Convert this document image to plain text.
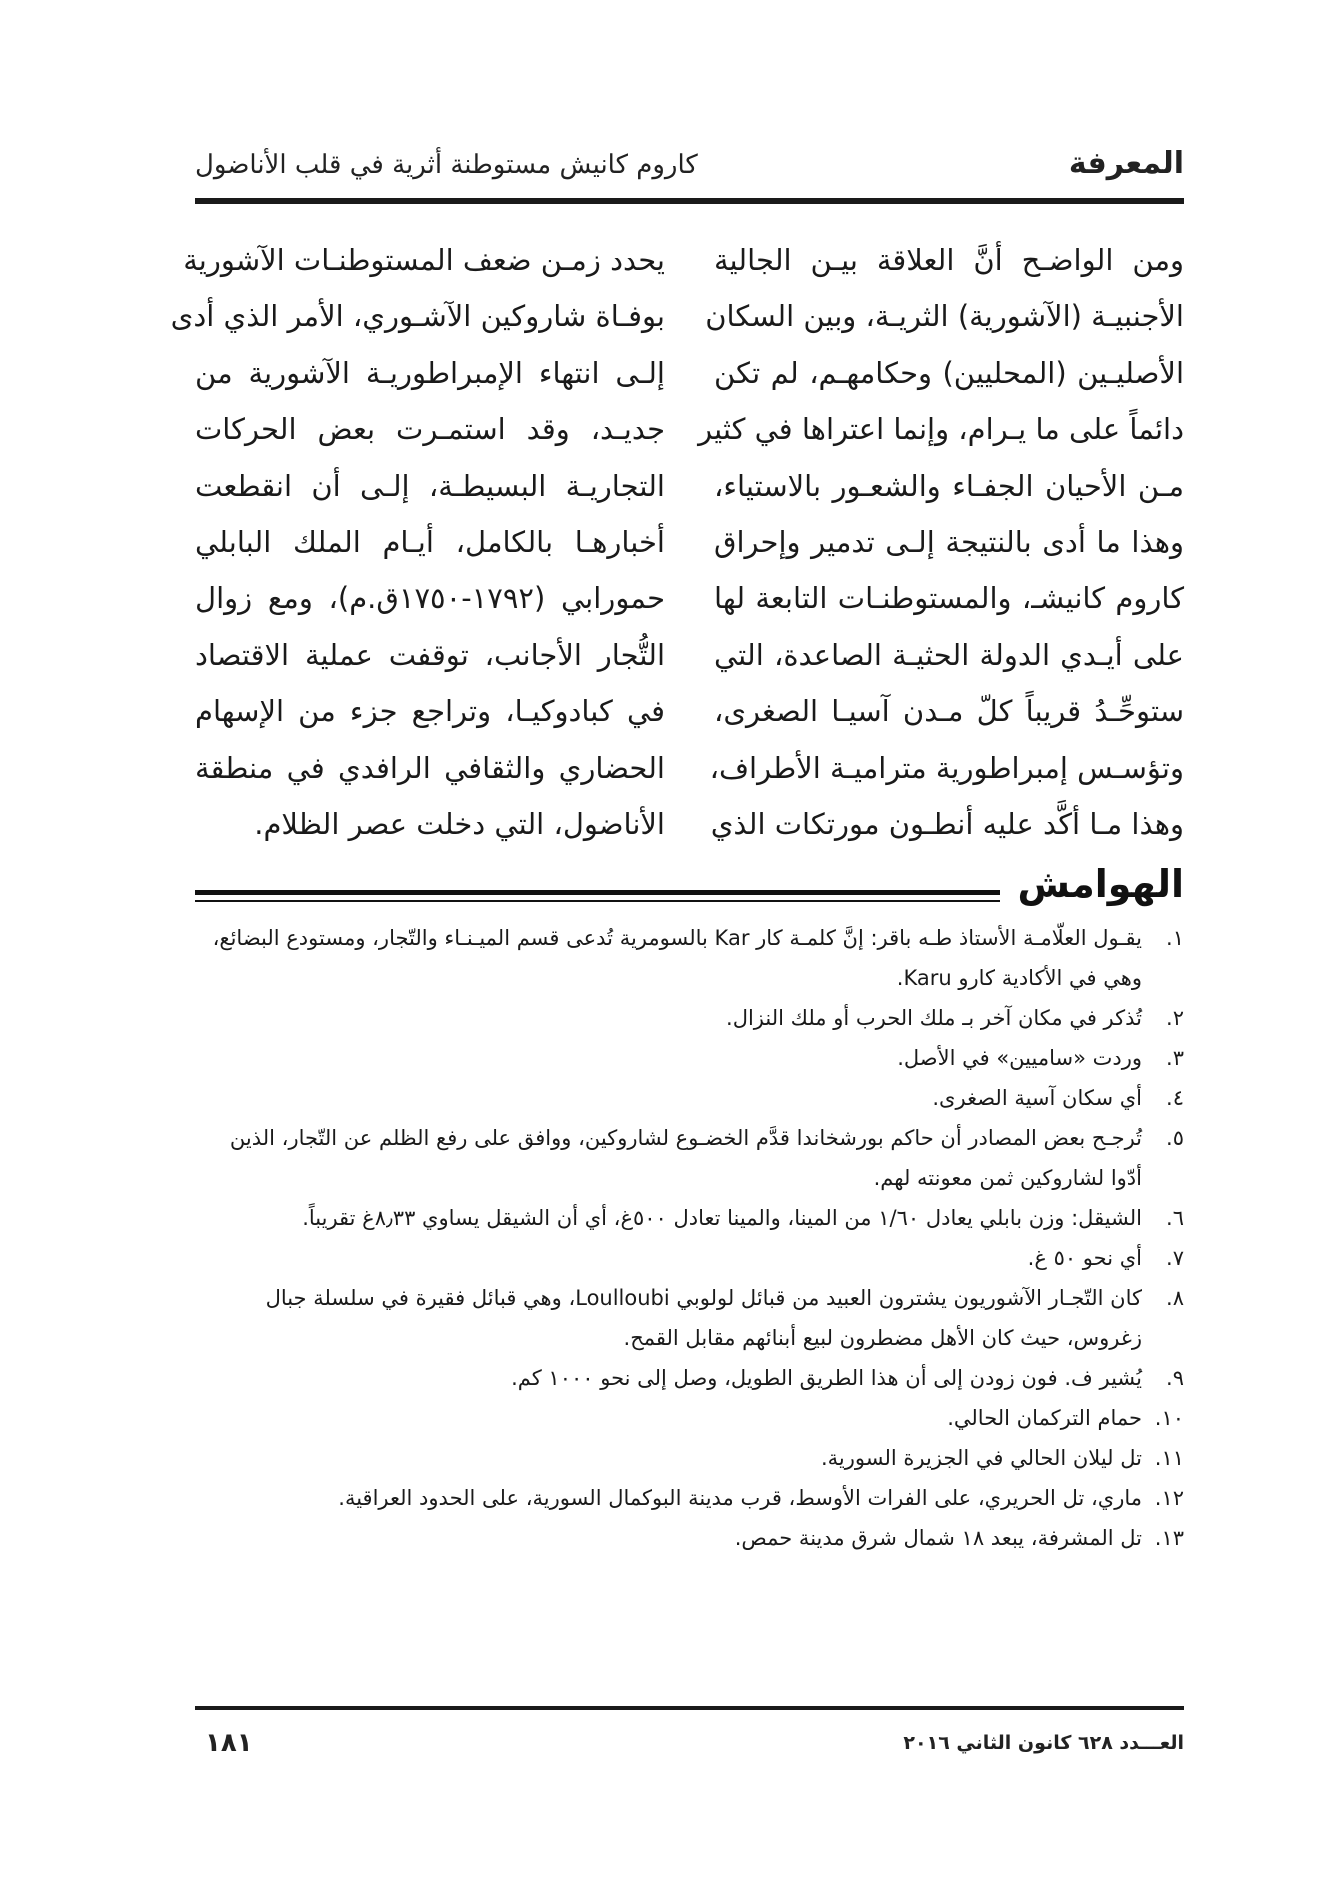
المعرفة
كاروم كانيش مستوطنة أثرية في قلب الأناضول
ومن الواضـح أنَّ العلاقة بيـن الجالية
الأجنبيـة (الآشورية) الثريـة، وبين السكان
الأصليـين (المحليين) وحكامهـم، لم تكن
دائماً على ما يـرام، وإنما اعتراها في كثير
مـن الأحيان الجفـاء والشعـور بالاستياء،
وهذا ما أدى بالنتيجة إلـى تدمير وإحراق
كاروم كانيشـ، والمستوطنـات التابعة لها
على أيـدي الدولة الحثيـة الصاعدة، التي
ستوحِّـدُ قريباً كلّ مـدن آسيـا الصغرى،
وتؤسـس إمبراطورية متراميـة الأطراف،
وهذا مـا أكَّد عليه أنطـون مورتكات الذي
يحدد زمـن ضعف المستوطنـات الآشورية
بوفـاة شاروكين الآشـوري، الأمر الذي أدى
إلـى انتهاء الإمبراطوريـة الآشورية من
جديـد، وقد استمـرت بعض الحركات
التجاريـة البسيطـة، إلـى أن انقطعت
أخبارهـا بالكامل، أيـام الملك البابلي
حمورابي (١٧٩٢-١٧٥٠ق.م)، ومع زوال
التُّجار الأجانب، توقفت عملية الاقتصاد
في كبادوكيـا، وتراجع جزء من الإسهام
الحضاري والثقافي الرافدي في منطقة
الأناضول، التي دخلت عصر الظلام.
الهوامش
١.
يقـول العلّامـة الأستاذ طـه باقر: إنَّ كلمـة كار Kar بالسومرية تُدعى قسم الميـنـاء والتّجار، ومستودع البضائع، وهي في الأكادية كارو Karu.
٢.
تُذكر في مكان آخر بـ ملك الحرب أو ملك النزال.
٣.
وردت «ساميين» في الأصل.
٤.
أي سكان آسية الصغرى.
٥.
تُرجـح بعض المصادر أن حاكم بورشخاندا قدَّم الخضـوع لشاروكين، ووافق على رفع الظلم عن التّجار، الذين أدّوا لشاروكين ثمن معونته لهم.
٦.
الشيقل: وزن بابلي يعادل ١/٦٠ من المينا، والمينا تعادل ٥٠٠غ، أي أن الشيقل يساوي ٨٫٣٣غ تقريباً.
٧.
أي نحو ٥٠ غ.
٨.
كان التّجـار الآشوريون يشترون العبيد من قبائل لولوبي Loulloubi، وهي قبائل فقيرة في سلسلة جبال زغروس، حيث كان الأهل مضطرون لبيع أبنائهم مقابل القمح.
٩.
يُشير ف. فون زودن إلى أن هذا الطريق الطويل، وصل إلى نحو ١٠٠٠ كم.
١٠.
حمام التركمان الحالي.
١١.
تل ليلان الحالي في الجزيرة السورية.
١٢.
ماري، تل الحريري، على الفرات الأوسط، قرب مدينة البوكمال السورية، على الحدود العراقية.
١٣.
تل المشرفة، يبعد ١٨ شمال شرق مدينة حمص.
العـــدد ٦٢٨ كانون الثاني ٢٠١٦
١٨١
